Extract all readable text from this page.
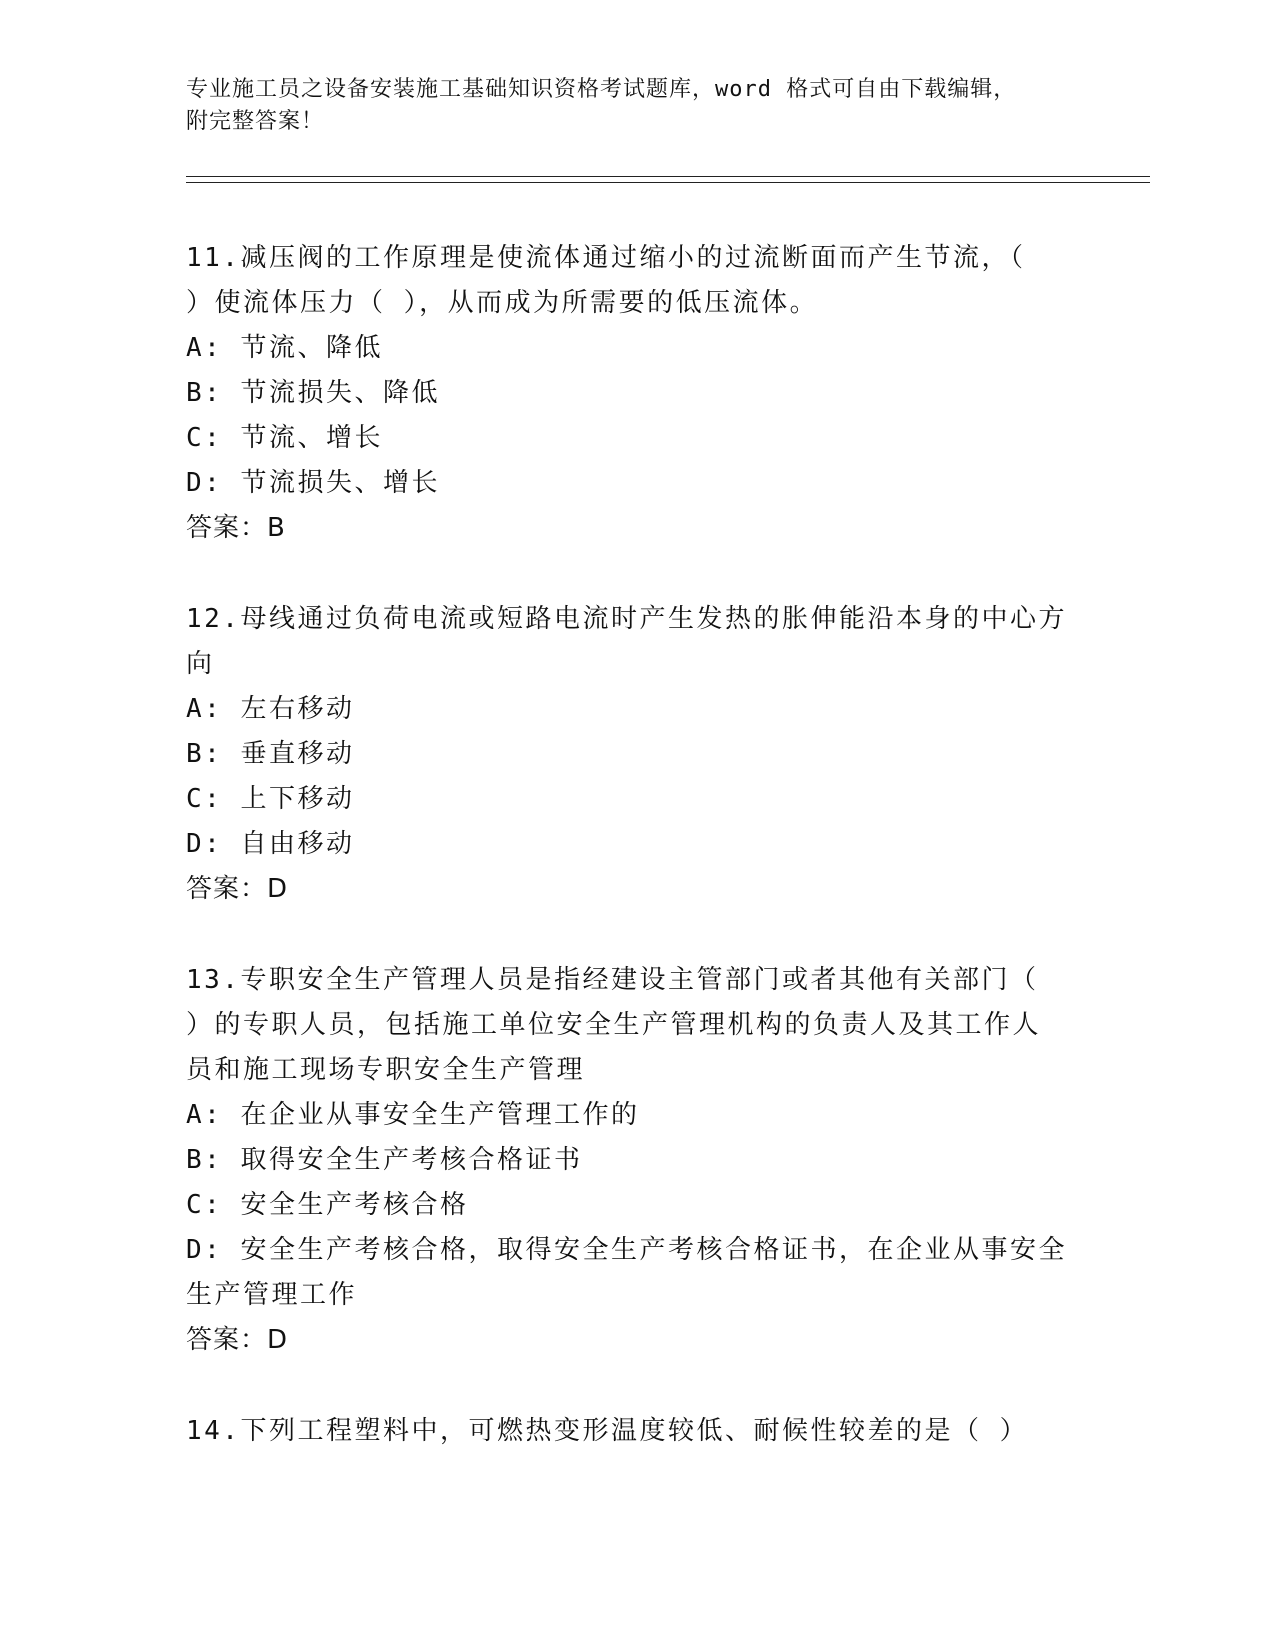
专业施工员之设备安装施工基础知识资格考试题库，word 格式可自由下载编辑，
附完整答案！
11.减压阀的工作原理是使流体通过缩小的过流断面而产生节流，（
）使流体压力（ ），从而成为所需要的低压流体。
A: 节流、降低
B: 节流损失、降低
C: 节流、增长
D: 节流损失、增长
答案：B
12.母线通过负荷电流或短路电流时产生发热的胀伸能沿本身的中心方
向
A: 左右移动
B: 垂直移动
C: 上下移动
D: 自由移动
答案：D
13.专职安全生产管理人员是指经建设主管部门或者其他有关部门（
）的专职人员，包括施工单位安全生产管理机构的负责人及其工作人
员和施工现场专职安全生产管理
A: 在企业从事安全生产管理工作的
B: 取得安全生产考核合格证书
C: 安全生产考核合格
D: 安全生产考核合格，取得安全生产考核合格证书，在企业从事安全
生产管理工作
答案：D
14.下列工程塑料中，可燃热变形温度较低、耐候性较差的是（ ）
